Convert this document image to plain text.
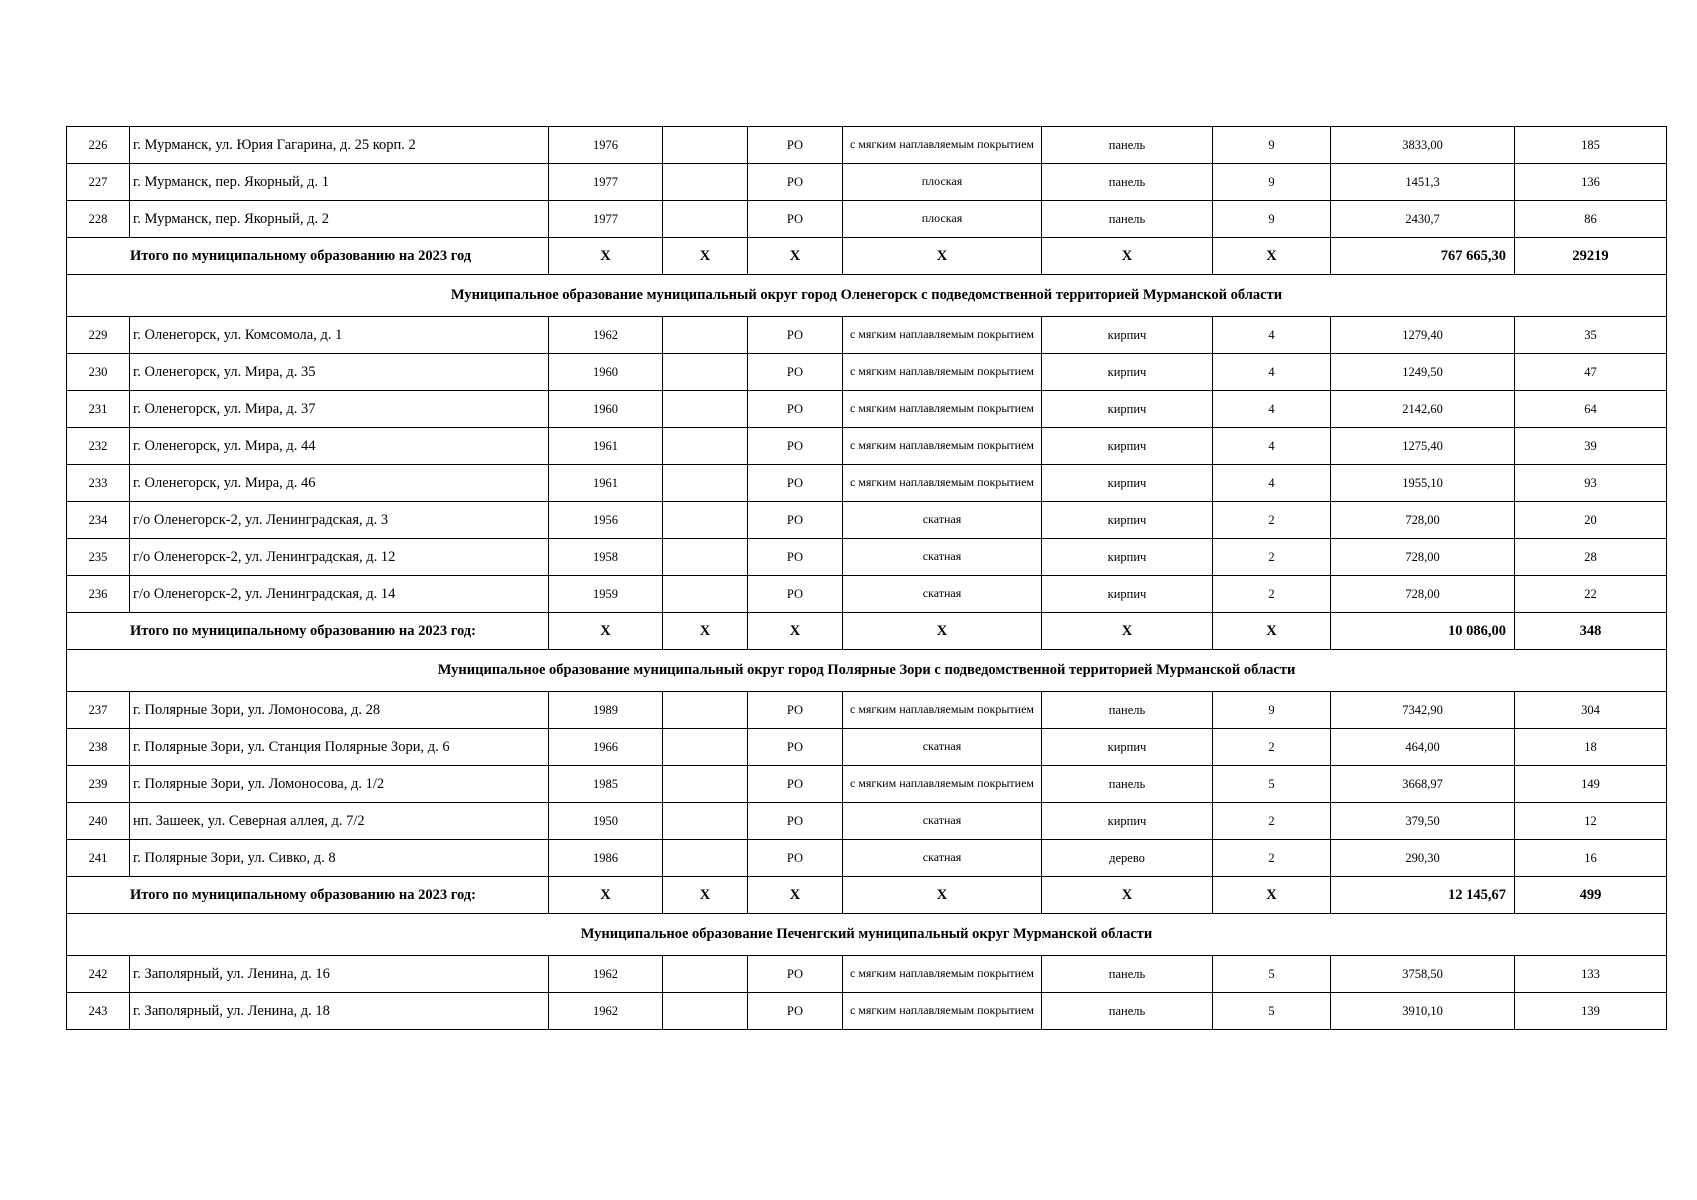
226	г. Мурманск, ул. Юрия Гагарина, д. 25 корп. 2	1976		РО	с мягким наплавляемым покрытием	панель	9	3833,00	185
227	г. Мурманск, пер. Якорный, д. 1	1977		РО	плоская	панель	9	1451,3	136
228	г. Мурманск, пер. Якорный, д. 2	1977		РО	плоская	панель	9	2430,7	86
Итого по муниципальному образованию на 2023 год		X	X	X	X	X	X	767 665,30	29219
Муниципальное образование муниципальный округ город Оленегорск с подведомственной территорией Мурманской области									
229	г. Оленегорск, ул. Комсомола, д. 1	1962		РО	с мягким наплавляемым покрытием	кирпич	4	1279,40	35
230	г. Оленегорск, ул. Мира, д. 35	1960		РО	с мягким наплавляемым покрытием	кирпич	4	1249,50	47
231	г. Оленегорск, ул. Мира, д. 37	1960		РО	с мягким наплавляемым покрытием	кирпич	4	2142,60	64
232	г. Оленегорск, ул. Мира, д. 44	1961		РО	с мягким наплавляемым покрытием	кирпич	4	1275,40	39
233	г. Оленегорск, ул. Мира, д. 46	1961		РО	с мягким наплавляемым покрытием	кирпич	4	1955,10	93
234	г/о Оленегорск-2, ул. Ленинградская, д. 3	1956		РО	скатная	кирпич	2	728,00	20
235	г/о Оленегорск-2, ул. Ленинградская, д. 12	1958		РО	скатная	кирпич	2	728,00	28
236	г/о Оленегорск-2, ул. Ленинградская, д. 14	1959		РО	скатная	кирпич	2	728,00	22
Итого по муниципальному образованию на 2023 год:		X	X	X	X	X	X	10 086,00	348
Муниципальное образование муниципальный округ город Полярные Зори с подведомственной территорией Мурманской области									
237	г. Полярные Зори, ул. Ломоносова, д. 28	1989		РО	с мягким наплавляемым покрытием	панель	9	7342,90	304
238	г. Полярные Зори, ул. Станция Полярные Зори, д. 6	1966		РО	скатная	кирпич	2	464,00	18
239	г. Полярные Зори, ул. Ломоносова, д. 1/2	1985		РО	с мягким наплавляемым покрытием	панель	5	3668,97	149
240	нп. Зашеек, ул. Северная аллея, д. 7/2	1950		РО	скатная	кирпич	2	379,50	12
241	г. Полярные Зори, ул. Сивко, д. 8	1986		РО	скатная	дерево	2	290,30	16
Итого по муниципальному образованию на 2023 год:		X	X	X	X	X	X	12 145,67	499
Муниципальное образование Печенгский муниципальный округ Мурманской области									
242	г. Заполярный, ул. Ленина, д. 16	1962		РО	с мягким наплавляемым покрытием	панель	5	3758,50	133
243	г. Заполярный, ул. Ленина, д. 18	1962		РО	с мягким наплавляемым покрытием	панель	5	3910,10	139
